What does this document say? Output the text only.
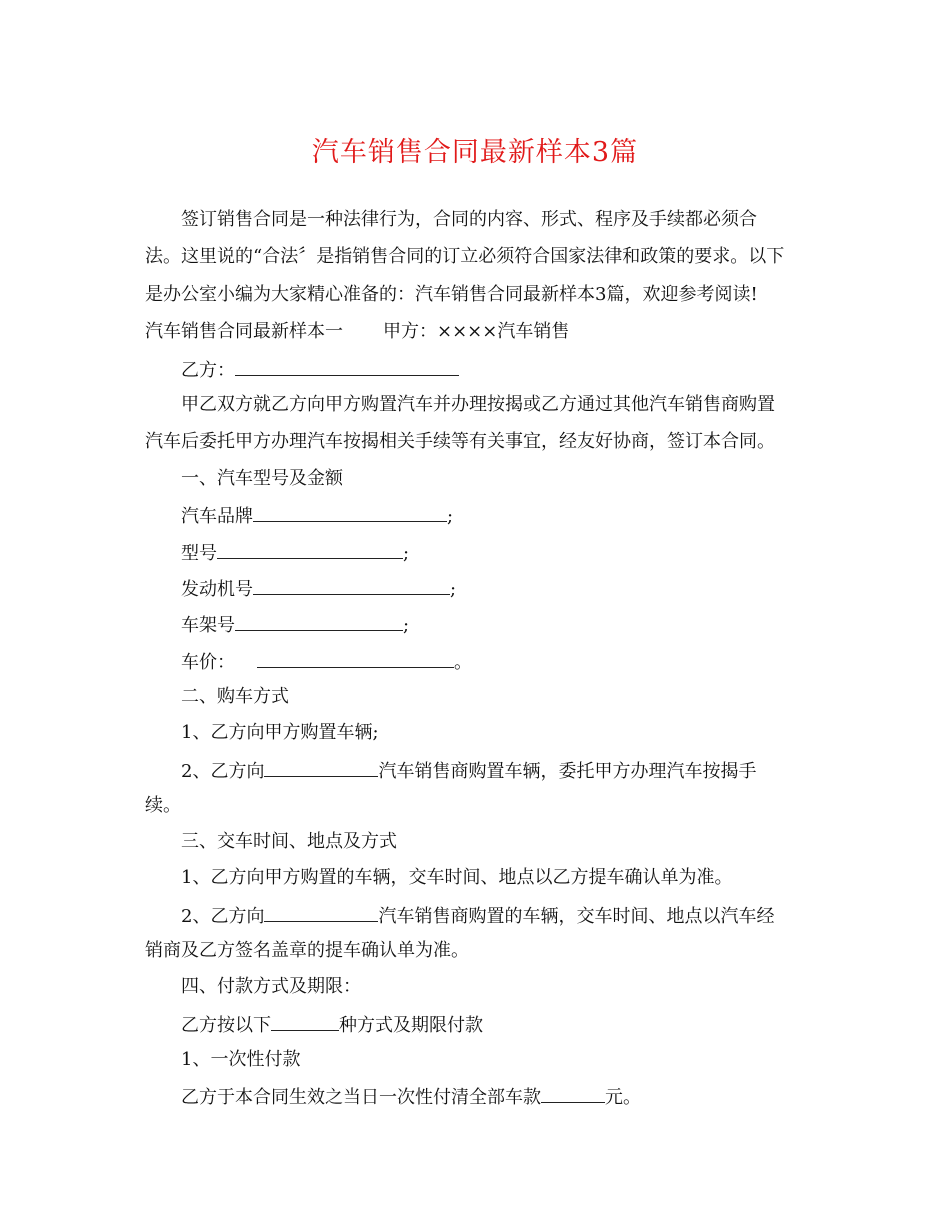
汽车销售合同最新样本3篇
签订销售合同是一种法律行为，合同的内容、形式、程序及手续都必须合
法。这里说的“合法〞是指销售合同的订立必须符合国家法律和政策的要求。以下
是办公室小编为大家精心准备的：汽车销售合同最新样本3篇，欢迎参考阅读!
汽车销售合同最新样本一 甲方：××××汽车销售
乙方：
甲乙双方就乙方向甲方购置汽车并办理按揭或乙方通过其他汽车销售商购置
汽车后委托甲方办理汽车按揭相关手续等有关事宜，经友好协商，签订本合同。
一、汽车型号及金额
汽车品牌	;
型号	;
发动机号	;
车架号	;
车价：	。
二、购车方式
1、乙方向甲方购置车辆;
2、乙方向	汽车销售商购置车辆，委托甲方办理汽车按揭手
续。
三、交车时间、地点及方式
1、乙方向甲方购置的车辆，交车时间、地点以乙方提车确认单为准。
2、乙方向	汽车销售商购置的车辆，交车时间、地点以汽车经
销商及乙方签名盖章的提车确认单为准。
四、付款方式及期限：
乙方按以下	种方式及期限付款
1、一次性付款
乙方于本合同生效之当日一次性付清全部车款	元。
